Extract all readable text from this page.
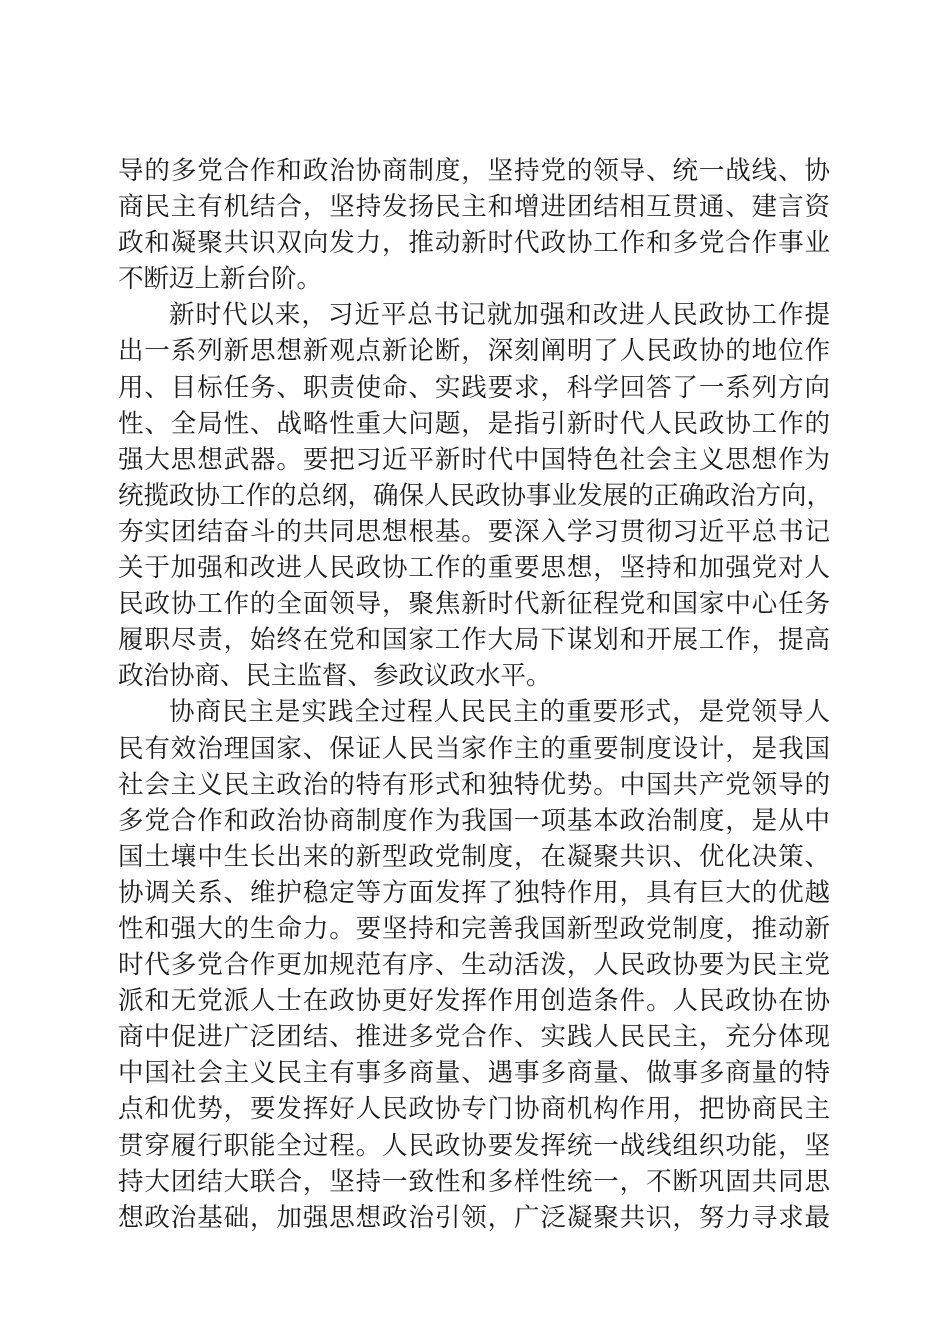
导的多党合作和政治协商制度，坚持党的领导、统一战线、协
商民主有机结合，坚持发扬民主和增进团结相互贯通、建言资
政和凝聚共识双向发力，推动新时代政协工作和多党合作事业
不断迈上新台阶。
新时代以来，习近平总书记就加强和改进人民政协工作提
出一系列新思想新观点新论断，深刻阐明了人民政协的地位作
用、目标任务、职责使命、实践要求，科学回答了一系列方向
性、全局性、战略性重大问题，是指引新时代人民政协工作的
强大思想武器。要把习近平新时代中国特色社会主义思想作为
统揽政协工作的总纲，确保人民政协事业发展的正确政治方向，
夯实团结奋斗的共同思想根基。要深入学习贯彻习近平总书记
关于加强和改进人民政协工作的重要思想，坚持和加强党对人
民政协工作的全面领导，聚焦新时代新征程党和国家中心任务
履职尽责，始终在党和国家工作大局下谋划和开展工作，提高
政治协商、民主监督、参政议政水平。
协商民主是实践全过程人民民主的重要形式，是党领导人
民有效治理国家、保证人民当家作主的重要制度设计，是我国
社会主义民主政治的特有形式和独特优势。中国共产党领导的
多党合作和政治协商制度作为我国一项基本政治制度，是从中
国土壤中生长出来的新型政党制度，在凝聚共识、优化决策、
协调关系、维护稳定等方面发挥了独特作用，具有巨大的优越
性和强大的生命力。要坚持和完善我国新型政党制度，推动新
时代多党合作更加规范有序、生动活泼，人民政协要为民主党
派和无党派人士在政协更好发挥作用创造条件。人民政协在协
商中促进广泛团结、推进多党合作、实践人民民主，充分体现
中国社会主义民主有事多商量、遇事多商量、做事多商量的特
点和优势，要发挥好人民政协专门协商机构作用，把协商民主
贯穿履行职能全过程。人民政协要发挥统一战线组织功能，坚
持大团结大联合，坚持一致性和多样性统一，不断巩固共同思
想政治基础，加强思想政治引领，广泛凝聚共识，努力寻求最
